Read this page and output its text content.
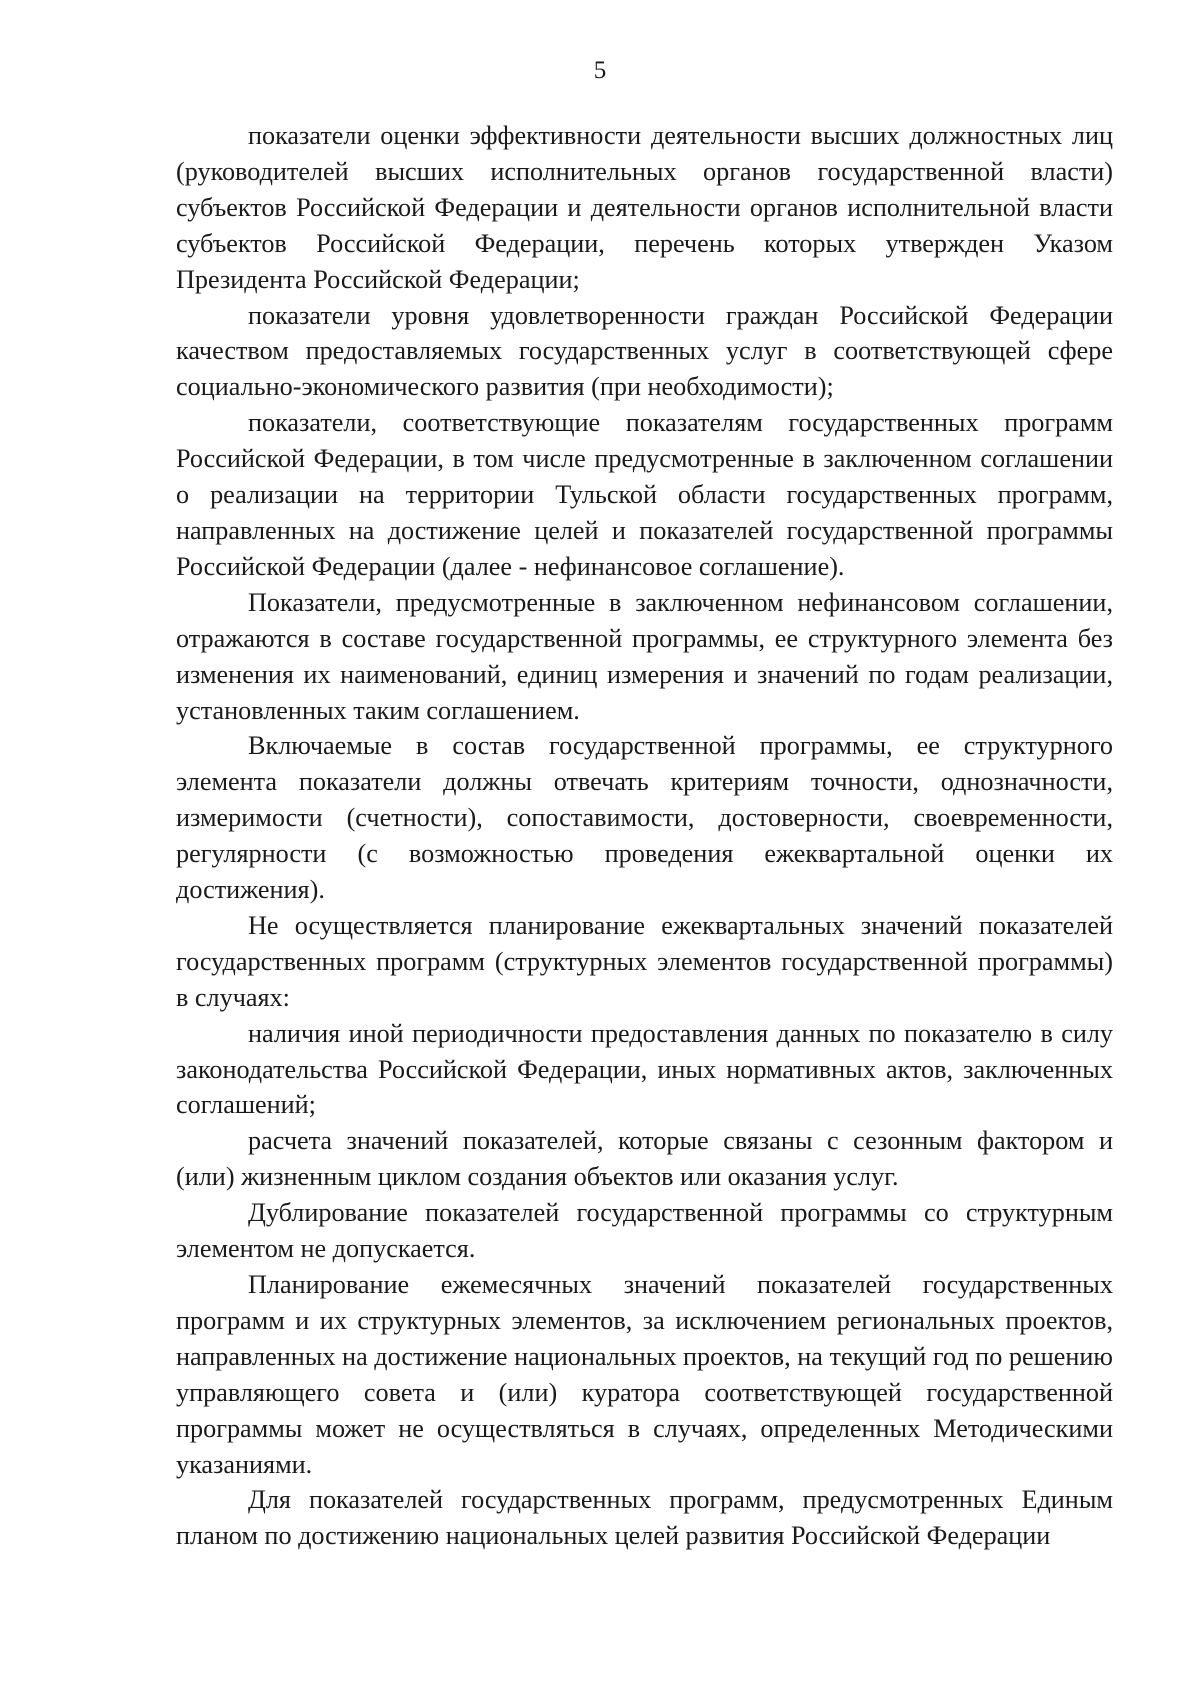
5

показатели оценки эффективности деятельности высших должностных лиц (руководителей высших исполнительных органов государственной власти) субъектов Российской Федерации и деятельности органов исполнительной власти субъектов Российской Федерации, перечень которых утвержден Указом Президента Российской Федерации;

показатели уровня удовлетворенности граждан Российской Федерации качеством предоставляемых государственных услуг в соответствующей сфере социально-экономического развития (при необходимости);

показатели, соответствующие показателям государственных программ Российской Федерации, в том числе предусмотренные в заключенном соглашении о реализации на территории Тульской области государственных программ, направленных на достижение целей и показателей государственной программы Российской Федерации (далее - нефинансовое соглашение).

Показатели, предусмотренные в заключенном нефинансовом соглашении, отражаются в составе государственной программы, ее структурного элемента без изменения их наименований, единиц измерения и значений по годам реализации, установленных таким соглашением.

Включаемые в состав государственной программы, ее структурного элемента показатели должны отвечать критериям точности, однозначности, измеримости (счетности), сопоставимости, достоверности, своевременности, регулярности (с возможностью проведения ежеквартальной оценки их достижения).

Не осуществляется планирование ежеквартальных значений показателей государственных программ (структурных элементов государственной программы) в случаях:

наличия иной периодичности предоставления данных по показателю в силу законодательства Российской Федерации, иных нормативных актов, заключенных соглашений;

расчета значений показателей, которые связаны с сезонным фактором и (или) жизненным циклом создания объектов или оказания услуг.

Дублирование показателей государственной программы со структурным элементом не допускается.

Планирование ежемесячных значений показателей государственных программ и их структурных элементов, за исключением региональных проектов, направленных на достижение национальных проектов, на текущий год по решению управляющего совета и (или) куратора соответствующей государственной программы может не осуществляться в случаях, определенных Методическими указаниями.

Для показателей государственных программ, предусмотренных Единым планом по достижению национальных целей развития Российской Федерации
